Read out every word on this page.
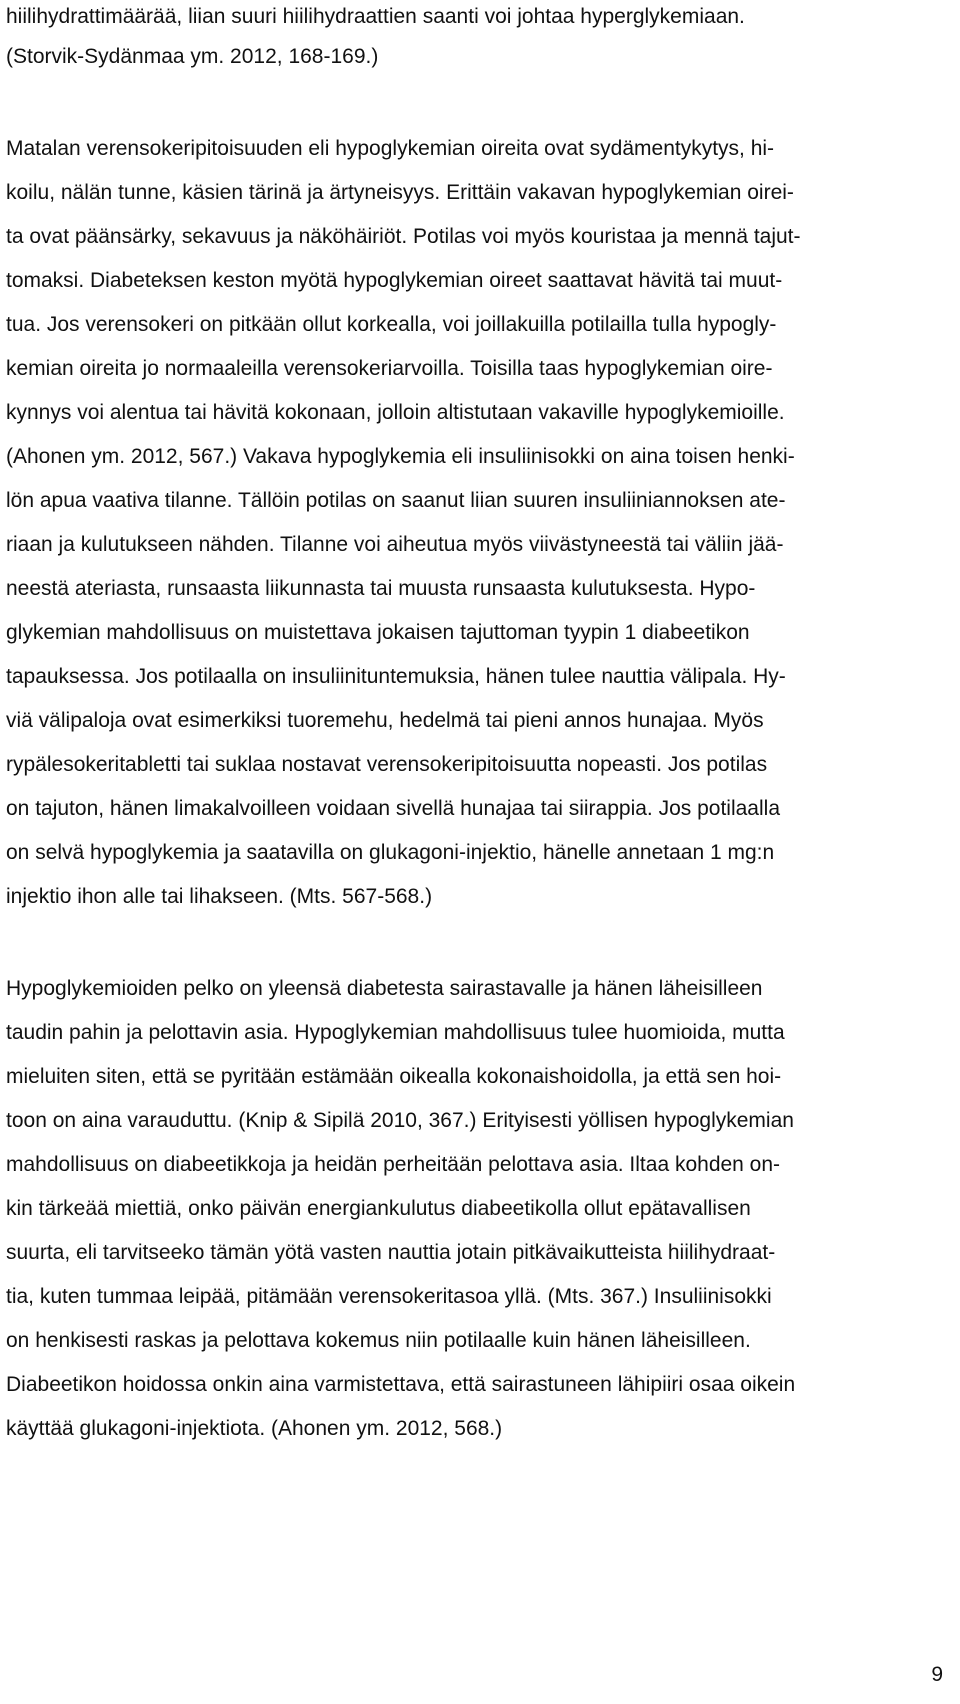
hiilihydrattimäärää, liian suuri hiilihydraattien saanti voi johtaa hyperglykemiaan.
(Storvik-Sydänmaa ym. 2012, 168-169.)
Matalan verensokeripitoisuuden eli hypoglykemian oireita ovat sydämentykytys, hi-
koilu, nälän tunne, käsien tärinä ja ärtyneisyys. Erittäin vakavan hypoglykemian oirei-
ta ovat päänsärky, sekavuus ja näköhäiriöt. Potilas voi myös kouristaa ja mennä tajut-
tomaksi. Diabeteksen keston myötä hypoglykemian oireet saattavat hävitä tai muut-
tua. Jos verensokeri on pitkään ollut korkealla, voi joillakuilla potilailla tulla hypogly-
kemian oireita jo normaaleilla verensokeriarvoilla. Toisilla taas hypoglykemian oire-
kynnys voi alentua tai hävitä kokonaan, jolloin altistutaan vakaville hypoglykemioille.
(Ahonen ym. 2012, 567.) Vakava hypoglykemia eli insuliinisokki on aina toisen henki-
lön apua vaativa tilanne. Tällöin potilas on saanut liian suuren insuliiniannoksen ate-
riaan ja kulutukseen nähden. Tilanne voi aiheutua myös viivästyneestä tai väliin jää-
neestä ateriasta, runsaasta liikunnasta tai muusta runsaasta kulutuksesta. Hypo-
glykemian mahdollisuus on muistettava jokaisen tajuttoman tyypin 1 diabeetikon
tapauksessa. Jos potilaalla on insuliinituntemuksia, hänen tulee nauttia välipala. Hy-
viä välipaloja ovat esimerkiksi tuoremehu, hedelmä tai pieni annos hunajaa. Myös
rypälesokeritabletti tai suklaa nostavat verensokeripitoisuutta nopeasti. Jos potilas
on tajuton, hänen limakalvoilleen voidaan sivellä hunajaa tai siirappia. Jos potilaalla
on selvä hypoglykemia ja saatavilla on glukagoni-injektio, hänelle annetaan 1 mg:n
injektio ihon alle tai lihakseen. (Mts. 567-568.)
Hypoglykemioiden pelko on yleensä diabetesta sairastavalle ja hänen läheisilleen
taudin pahin ja pelottavin asia. Hypoglykemian mahdollisuus tulee huomioida, mutta
mieluiten siten, että se pyritään estämään oikealla kokonaishoidolla, ja että sen hoi-
toon on aina varauduttu. (Knip & Sipilä 2010, 367.) Erityisesti yöllisen hypoglykemian
mahdollisuus on diabeetikkoja ja heidän perheitään pelottava asia. Iltaa kohden on-
kin tärkeää miettiä, onko päivän energiankulutus diabeetikolla ollut epätavallisen
suurta, eli tarvitseeko tämän yötä vasten nauttia jotain pitkävaikutteista hiilihydraat-
tia, kuten tummaa leipää, pitämään verensokeritasoa yllä. (Mts. 367.) Insuliinisokki
on henkisesti raskas ja pelottava kokemus niin potilaalle kuin hänen läheisilleen.
Diabeetikon hoidossa onkin aina varmistettava, että sairastuneen lähipiiri osaa oikein
käyttää glukagoni-injektiota. (Ahonen ym. 2012, 568.)
9
